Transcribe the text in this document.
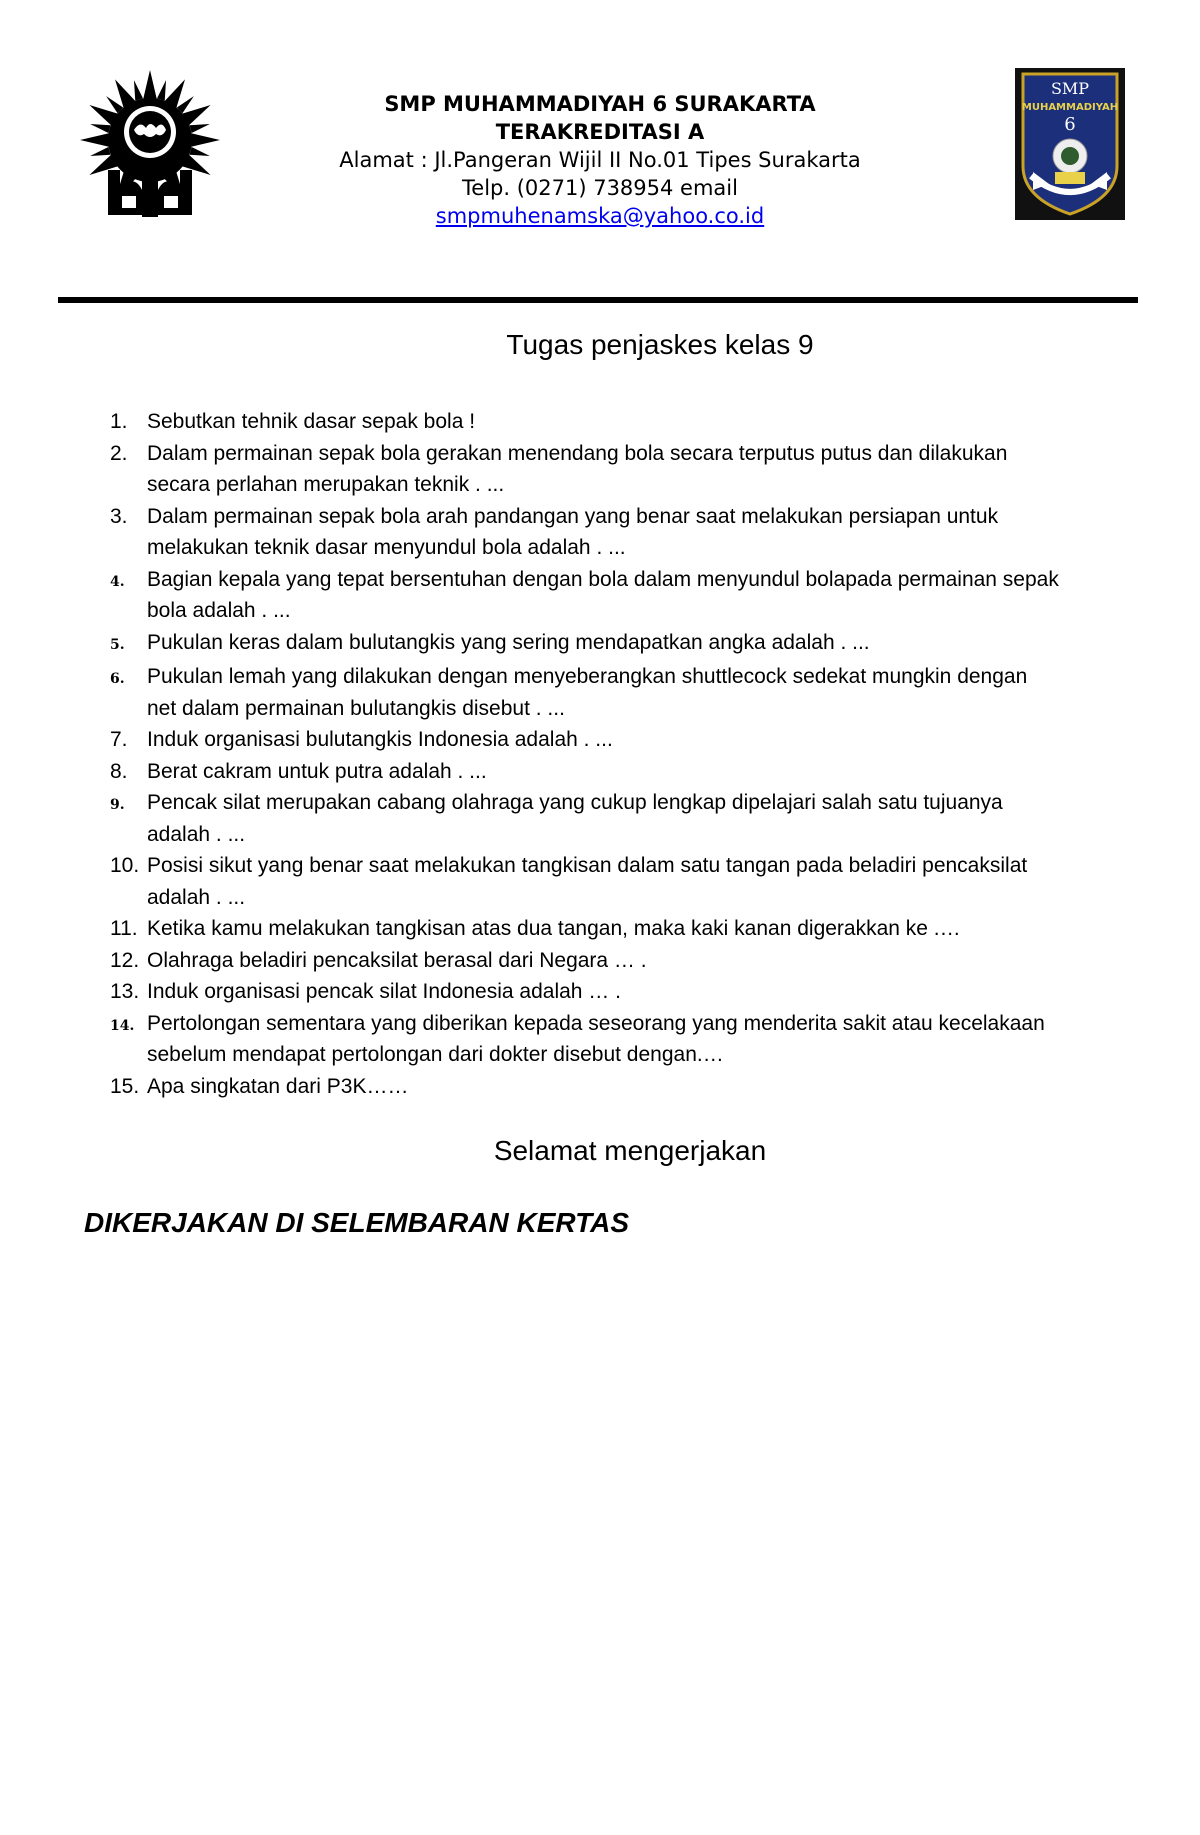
SMP MUHAMMADIYAH 6 SURAKARTA
TERAKREDITASI A
Alamat : Jl.Pangeran Wijil II No.01 Tipes Surakarta
Telp. (0271) 738954 email
smpmuhenamska@yahoo.co.id
SMP
MUHAMMADIYAH
6
Tugas penjaskes kelas 9
1. Sebutkan tehnik dasar sepak bola !
2. Dalam permainan sepak bola gerakan menendang bola secara terputus putus dan dilakukan
secara perlahan merupakan teknik . ...
3. Dalam permainan sepak bola arah pandangan yang benar saat melakukan persiapan untuk
melakukan teknik dasar menyundul bola adalah . ...
4.	Bagian kepala yang tepat bersentuhan dengan bola dalam menyundul bolapada permainan sepak
bola adalah . ...
5.	Pukulan keras dalam bulutangkis yang sering mendapatkan angka adalah . ...
6.	Pukulan lemah yang dilakukan dengan menyeberangkan shuttlecock sedekat mungkin dengan
net dalam permainan bulutangkis disebut . ...
7. Induk organisasi bulutangkis Indonesia adalah . ...
8. Berat cakram untuk putra adalah . ...
9.	Pencak silat merupakan cabang olahraga yang cukup lengkap dipelajari salah satu tujuanya
adalah . ...
10. Posisi sikut yang benar saat melakukan tangkisan dalam satu tangan pada beladiri pencaksilat
adalah . ...
11. Ketika kamu melakukan tangkisan atas dua tangan, maka kaki kanan digerakkan ke .…
12. Olahraga beladiri pencaksilat berasal dari Negara … .
13. Induk organisasi pencak silat Indonesia adalah … .
14. Pertolongan sementara yang diberikan kepada seseorang yang menderita sakit atau kecelakaan
sebelum mendapat pertolongan dari dokter disebut dengan.…
15. Apa singkatan dari P3K……
Selamat mengerjakan
DIKERJAKAN DI SELEMBARAN KERTAS
